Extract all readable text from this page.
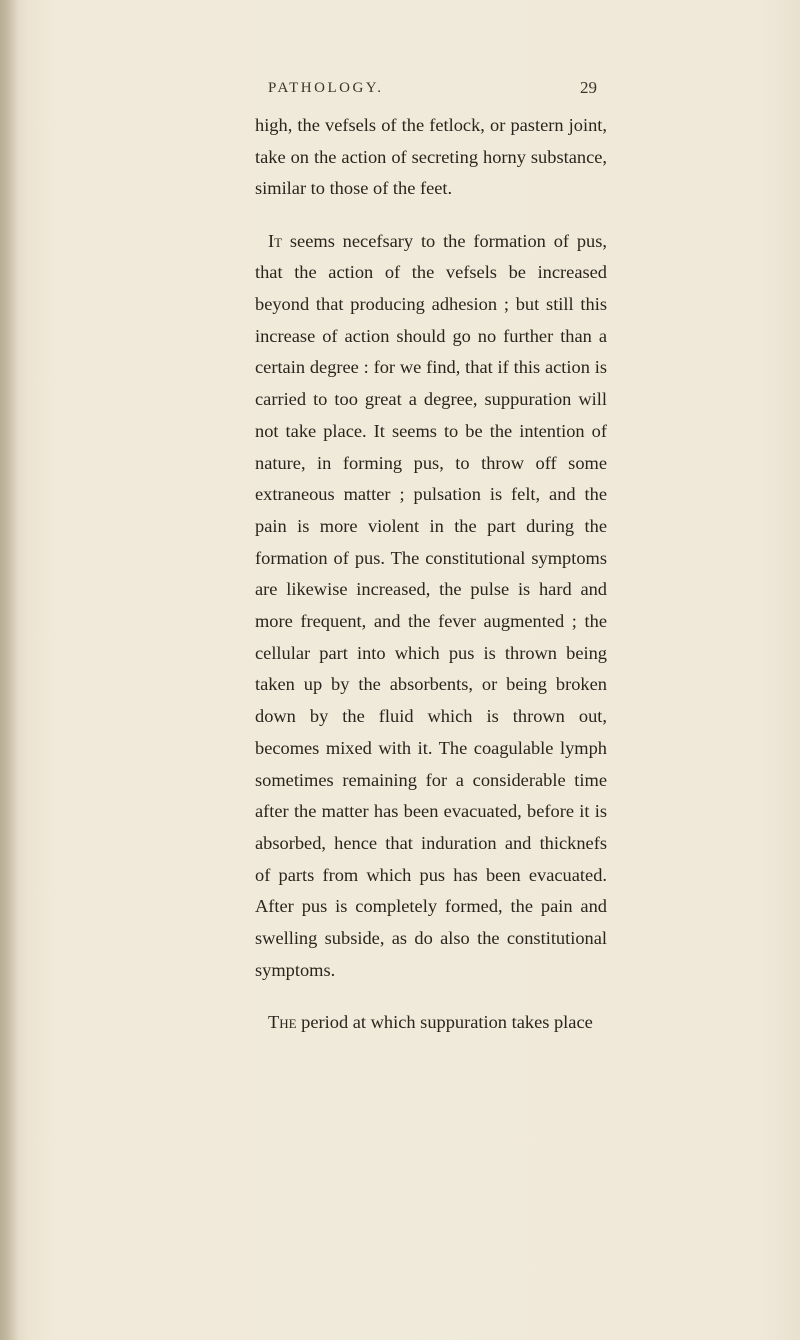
PATHOLOGY.	29

high, the vefsels of the fetlock, or pastern joint, take on the action of secreting horny substance, similar to those of the feet.

It seems necefsary to the formation of pus, that the action of the vefsels be increased beyond that producing adhesion ; but still this increase of action should go no further than a certain degree : for we find, that if this action is carried to too great a degree, suppuration will not take place. It seems to be the intention of nature, in forming pus, to throw off some extraneous matter ; pulsation is felt, and the pain is more violent in the part during the formation of pus. The constitutional symptoms are likewise increased, the pulse is hard and more frequent, and the fever augmented ; the cellular part into which pus is thrown being taken up by the absorbents, or being broken down by the fluid which is thrown out, becomes mixed with it. The coagulable lymph sometimes remaining for a considerable time after the matter has been evacuated, before it is absorbed, hence that induration and thicknefs of parts from which pus has been evacuated. After pus is completely formed, the pain and swelling subside, as do also the constitutional symptoms.

The period at which suppuration takes place
